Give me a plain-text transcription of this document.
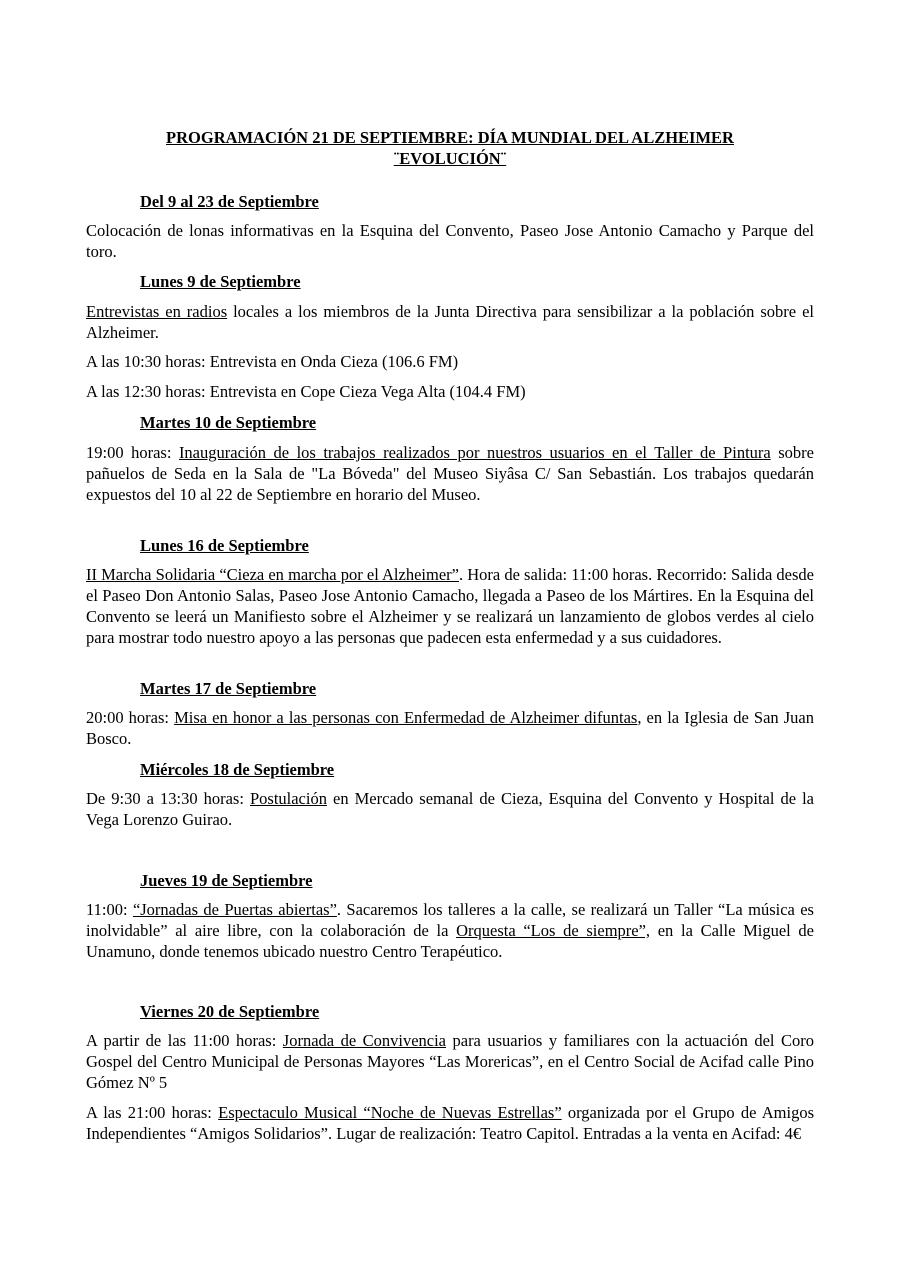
PROGRAMACIÓN 21 DE SEPTIEMBRE: DÍA MUNDIAL DEL ALZHEIMER
¨EVOLUCIÓN¨
Del 9 al 23 de Septiembre
Colocación de lonas informativas en la Esquina del Convento, Paseo Jose Antonio Camacho y Parque del toro.
Lunes 9 de Septiembre
Entrevistas en radios locales a los miembros de la Junta Directiva para sensibilizar a la población sobre el Alzheimer.
A las 10:30 horas: Entrevista en Onda Cieza (106.6 FM)
A las 12:30 horas: Entrevista en Cope Cieza Vega Alta (104.4 FM)
Martes 10 de Septiembre
19:00 horas: Inauguración de los trabajos realizados por nuestros usuarios en el Taller de Pintura sobre pañuelos de Seda en la Sala de "La Bóveda" del Museo Siyâsa C/ San Sebastián. Los trabajos quedarán expuestos del 10 al 22 de Septiembre en horario del Museo.
Lunes 16 de Septiembre
II Marcha Solidaria “Cieza en marcha por el Alzheimer”. Hora de salida: 11:00 horas. Recorrido: Salida desde el Paseo Don Antonio Salas, Paseo Jose Antonio Camacho, llegada a Paseo de los Mártires. En la Esquina del Convento se leerá un Manifiesto sobre el Alzheimer y se realizará un lanzamiento de globos verdes al cielo para mostrar todo nuestro apoyo a las personas que padecen esta enfermedad y a sus cuidadores.
Martes 17 de Septiembre
20:00 horas: Misa en honor a las personas con Enfermedad de Alzheimer difuntas, en la Iglesia de San Juan Bosco.
Miércoles 18 de Septiembre
De 9:30 a 13:30 horas: Postulación en Mercado semanal de Cieza, Esquina del Convento y Hospital de la Vega Lorenzo Guirao.
Jueves 19 de Septiembre
11:00: “Jornadas de Puertas abiertas”. Sacaremos los talleres a la calle, se realizará un Taller “La música es inolvidable” al aire libre, con la colaboración de la Orquesta “Los de siempre”, en la Calle Miguel de Unamuno, donde tenemos ubicado nuestro Centro Terapéutico.
Viernes 20 de Septiembre
A partir de las 11:00 horas: Jornada de Convivencia para usuarios y familiares con la actuación del Coro Gospel del Centro Municipal de Personas Mayores “Las Morericas”, en el Centro Social de Acifad calle Pino Gómez Nº 5
A las 21:00 horas: Espectaculo Musical “Noche de Nuevas Estrellas” organizada por el Grupo de Amigos Independientes “Amigos Solidarios”. Lugar de realización: Teatro Capitol. Entradas a la venta en Acifad: 4€
